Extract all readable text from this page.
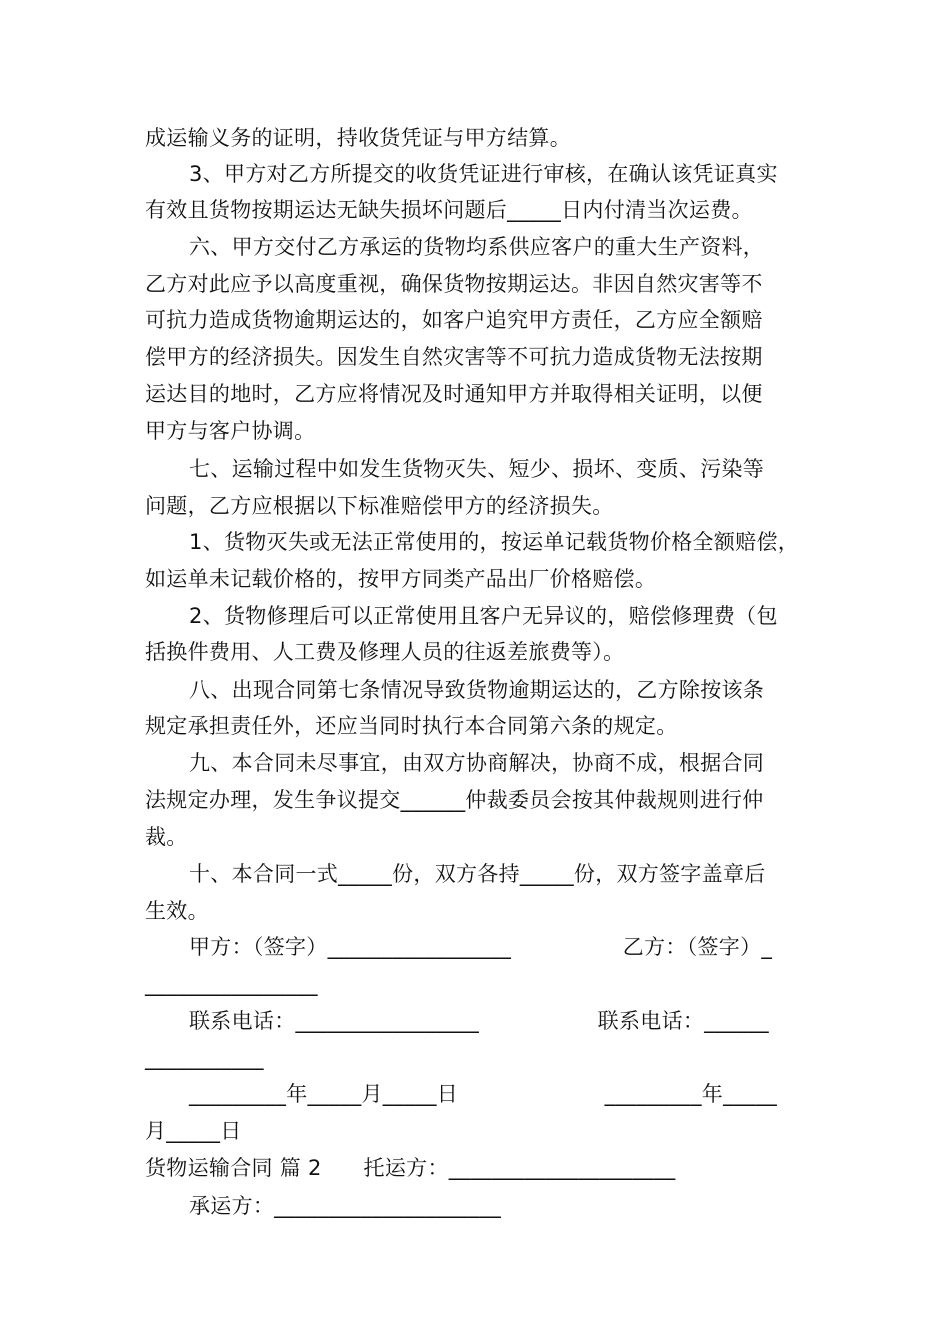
成运输义务的证明，持收货凭证与甲方结算。
3、甲方对乙方所提交的收货凭证进行审核，在确认该凭证真实
有效且货物按期运达无缺失损坏问题后_____日内付清当次运费。
六、甲方交付乙方承运的货物均系供应客户的重大生产资料，
乙方对此应予以高度重视，确保货物按期运达。非因自然灾害等不
可抗力造成货物逾期运达的，如客户追究甲方责任，乙方应全额赔
偿甲方的经济损失。因发生自然灾害等不可抗力造成货物无法按期
运达目的地时，乙方应将情况及时通知甲方并取得相关证明，以便
甲方与客户协调。
七、运输过程中如发生货物灭失、短少、损坏、变质、污染等
问题，乙方应根据以下标准赔偿甲方的经济损失。
1、货物灭失或无法正常使用的，按运单记载货物价格全额赔偿，
如运单未记载价格的，按甲方同类产品出厂价格赔偿。
2、货物修理后可以正常使用且客户无异议的，赔偿修理费（包
括换件费用、人工费及修理人员的往返差旅费等）。
八、出现合同第七条情况导致货物逾期运达的，乙方除按该条
规定承担责任外，还应当同时执行本合同第六条的规定。
九、本合同未尽事宜，由双方协商解决，协商不成，根据合同
法规定办理，发生争议提交______仲裁委员会按其仲裁规则进行仲
裁。
十、本合同一式_____份，双方各持_____份，双方签字盖章后
生效。
甲方：（签字）_________________                乙方：（签字）_
________________
联系电话：_________________                 联系电话：______
___________
_________年_____月_____日                     _________年_____
月_____日
货物运输合同 篇 2      托运方：_____________________
承运方：_____________________
